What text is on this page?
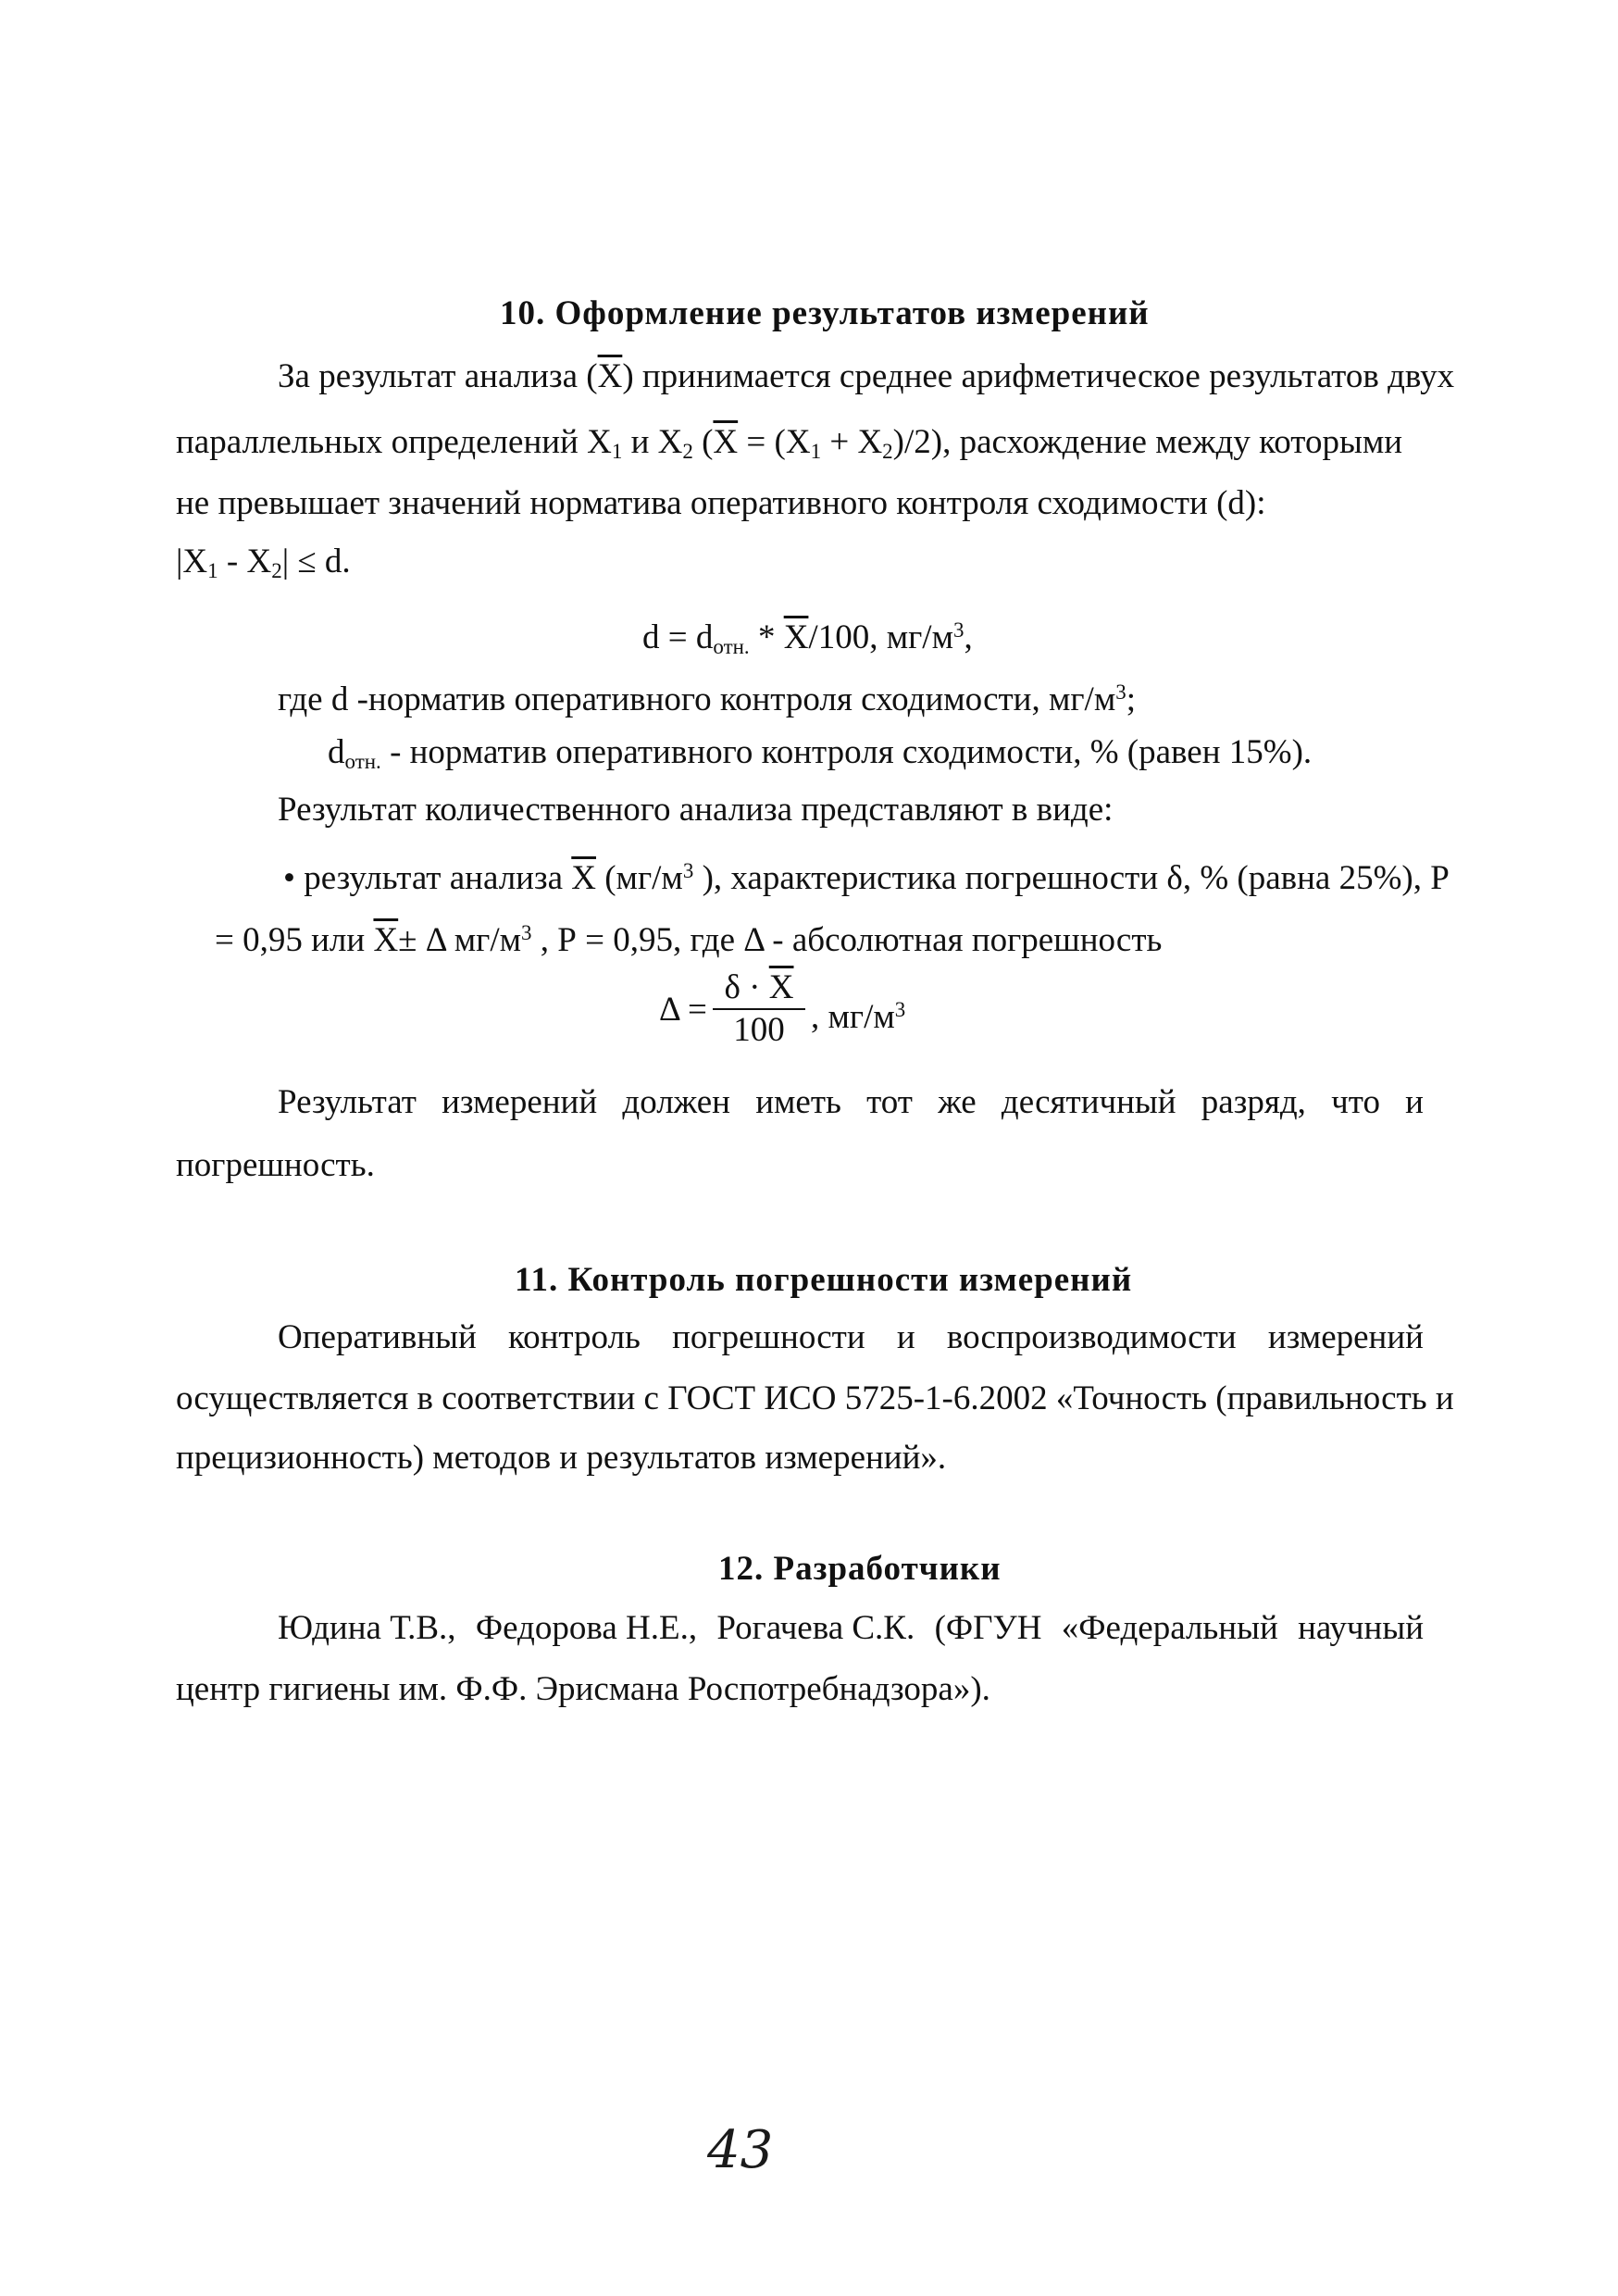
10. Оформление результатов измерений
За результат анализа $(\overline{X})$ принимается среднее арифметическое результатов двух
параллельных определений $X_1$ и $X_2$ $(\overline{X} = (X_1 + X_2)/2)$, расхождение между которыми
не превышает значений норматива оперативного контроля сходимости (d):
$|X_1 - X_2| \le d$.
$d = d_{отн.} * \overline{X}/100$, $мг/м^3$,
где d -норматив оперативного контроля сходимости, $мг/м^3$;
$d_{отн.}$ - норматив оперативного контроля сходимости, % (равен 15%).
Результат количественного анализа представляют в виде:
• результат анализа $\overline{X}$ ($мг/м^3$ ), характеристика погрешности δ, % (равна 25%), Р
= 0,95 или $\overline{X}\pm \Delta$ $мг/м^3$ , Р = 0,95, где Δ - абсолютная погрешность
$\Delta = \frac{\delta \cdot \overline{X}}{100}$ , $мг/м^3$
Результат измерений должен иметь тот же десятичный разряд, что и
погрешность.
11. Контроль погрешности измерений
Оперативный контроль погрешности и воспроизводимости измерений
осуществляется в соответствии с ГОСТ ИСО 5725-1-6.2002 «Точность (правильность и
прецизионность) методов и результатов измерений».
12. Разработчики
Юдина Т.В., Федорова Н.Е., Рогачева С.К. (ФГУН «Федеральный научный
центр гигиены им. Ф.Ф. Эрисмана Роспотребнадзора»).
43
